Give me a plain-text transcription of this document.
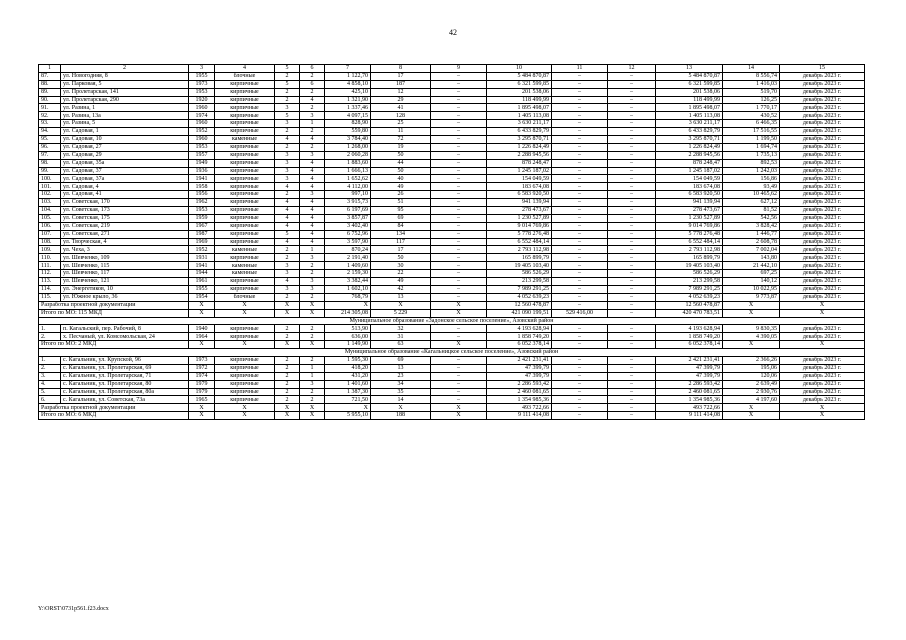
42
1	2	3	4	5	6	7	8	9	10	11	12	13	14	15
87.	ул. Новогодняя, 8	1955	блочные	2	2	1 122,70	17	–	5 484 870,87	–	–	5 484 870,87	8 556,74	декабрь 2023 г.
88.	ул. Парковая, 5	1973	кирпичные	5	6	4 858,10	187	–	6 321 599,85	–	–	6 321 599,85	1 416,03	декабрь 2023 г.
89.	ул. Пролетарская, 141	1953	кирпичные	2	2	425,10	12	–	201 538,06	–	–	201 538,06	519,70	декабрь 2023 г.
90.	ул. Пролетарская, 290	1920	кирпичные	2	4	1 321,90	29	–	118 499,99	–	–	118 499,99	126,25	декабрь 2023 г.
91.	ул. Разина, 1	1960	кирпичные	3	2	1 337,46	41	–	1 895 498,07	–	–	1 895 498,07	1 770,17	декабрь 2023 г.
92.	ул. Разина, 13а	1974	кирпичные	5	3	4 097,15	128	–	1 405 113,08	–	–	1 405 113,08	430,52	декабрь 2023 г.
93.	ул. Разина, 5	1960	кирпичные	3	1	828,90	25	–	3 630 211,17	–	–	3 630 211,17	6 466,35	декабрь 2023 г.
94.	ул. Садовая, 1	1952	кирпичные	2	2	559,80	11	–	6 433 829,79	–	–	6 433 829,79	17 516,55	декабрь 2023 г.
95.	ул. Садовая, 10	1960	каменные	4	4	3 784,40	72	–	3 295 870,71	–	–	3 295 870,71	1 199,50	декабрь 2023 г.
96.	ул. Садовая, 27	1953	кирпичные	2	2	1 268,00	19	–	1 226 824,49	–	–	1 226 824,49	1 694,74	декабрь 2023 г.
97.	ул. Садовая, 29	1957	кирпичные	3	3	2 060,28	50	–	2 288 945,56	–	–	2 288 945,56	1 735,13	декабрь 2023 г.
98.	ул. Садовая, 35а	1949	кирпичные	3	4	1 883,60	44	–	878 248,47	–	–	878 248,47	892,53	декабрь 2023 г.
99.	ул. Садовая, 37	1936	кирпичные	3	4	1 666,13	50	–	1 245 187,02	–	–	1 245 187,02	1 242,03	декабрь 2023 г.
100.	ул. Садовая, 37а	1941	кирпичные	3	4	1 652,62	40	–	154 049,59	–	–	154 049,59	156,86	декабрь 2023 г.
101.	ул. Садовая, 4	1958	кирпичные	4	4	4 112,00	49	–	183 674,08	–	–	183 674,08	93,49	декабрь 2023 г.
102.	ул. Садовая, 41	1956	кирпичные	2	3	997,10	26	–	6 583 920,50	–	–	6 583 920,50	10 465,62	декабрь 2023 г.
103.	ул. Советская, 170	1962	кирпичные	4	4	3 915,73	51	–	941 139,94	–	–	941 139,94	627,12	декабрь 2023 г.
104.	ул. Советская, 173	1953	кирпичные	4	4	6 197,69	95	–	278 473,67	–	–	278 473,67	81,52	декабрь 2023 г.
105.	ул. Советская, 175	1959	кирпичные	4	4	3 857,87	69	–	1 230 527,89	–	–	1 230 527,89	542,56	декабрь 2023 г.
106.	ул. Советская, 219	1967	кирпичные	4	4	3 402,40	84	–	9 014 769,86	–	–	9 014 769,86	3 828,42	декабрь 2023 г.
107.	ул. Советская, 271	1987	кирпичные	5	4	6 752,96	134	–	5 778 276,48	–	–	5 778 276,48	1 446,77	декабрь 2023 г.
108.	ул. Творческая, 4	1969	кирпичные	4	4	3 597,90	117	–	6 552 484,14	–	–	6 552 484,14	2 608,78	декабрь 2023 г.
109.	ул. Чеха, 3	1952	каменные	2	1	870,24	17	–	2 793 112,98	–	–	2 793 112,98	7 002,04	декабрь 2023 г.
110.	ул. Шевченко, 109	1931	кирпичные	2	3	2 191,40	50	–	165 899,79	–	–	165 899,79	143,80	декабрь 2023 г.
111.	ул. Шевченко, 115	1941	каменные	3	2	1 409,60	30	–	19 405 103,40	–	–	19 405 103,40	21 442,10	декабрь 2023 г.
112.	ул. Шевченко, 117	1944	каменные	3	2	2 159,30	22	–	586 526,29	–	–	586 526,29	697,25	декабрь 2023 г.
113.	ул. Шевченко, 121	1961	кирпичные	4	3	3 382,44	49	–	213 299,58	–	–	213 299,58	140,12	декабрь 2023 г.
114.	ул. Энергетиков, 10	1955	кирпичные	3	3	1 602,10	42	–	7 989 291,25	–	–	7 989 291,25	10 022,95	декабрь 2023 г.
115.	ул. Южное крыло, 36	1954	блочные	2	2	768,79	13	–	4 052 639,23	–	–	4 052 639,23	9 773,87	декабрь 2023 г.
Разработка проектной документации		X	X	X	X	X	X	X	12 560 478,87	–	–	12 560 478,87	X	X
Итого по МО: 115 МКД		X	X	X	X	214 305,08	5 229	X	421 090 199,51	529 416,00	–	420 470 783,51	X	X
Муниципальное образование «Задонское сельское поселение», Азовский район														
1.	п. Кагальский, пер. Рабочий, 8	1940	кирпичные	2	2	513,90	32	–	4 193 628,94	–	–	4 193 628,94	9 830,35	декабрь 2023 г.
2.	х. Песчаный, ул. Комсомольская, 24	1964	кирпичные	2	2	636,00	31	–	1 858 749,20	–	–	1 858 749,20	4 390,05	декабрь 2023 г.
Итого по МО: 2 МКД		X	X	X	X	1 149,90	63	X	6 052 378,14	–	–	6 052 378,14	X	X
Муниципальное образование «Кагальницкое сельское поселение», Азовский район														
1.	с. Кагальник, ул. Крупской, 96	1973	кирпичные	2	2	1 595,30	69	–	2 421 231,41	–	–	2 421 231,41	2 366,26	декабрь 2023 г.
2.	с. Кагальник, ул. Пролетарская, 69	1972	кирпичные	2	1	418,20	13	–	47 399,79	–	–	47 399,79	195,06	декабрь 2023 г.
3.	с. Кагальник, ул. Пролетарская, 71	1974	кирпичные	2	1	431,20	23	–	47 399,79	–	–	47 399,79	120,06	декабрь 2023 г.
4.	с. Кагальник, ул. Пролетарская, 80	1979	кирпичные	2	3	1 401,60	34	–	2 286 593,42	–	–	2 286 593,42	2 639,49	декабрь 2023 г.
5.	с. Кагальник, ул. Пролетарская, 80а	1979	кирпичные	2	2	1 387,30	35	–	2 460 081,65	–	–	2 460 081,65	2 930,76	декабрь 2023 г.
6.	с. Кагальник, ул. Советская, 73а	1965	кирпичные	2	2	721,50	14	–	1 354 985,36	–	–	1 354 985,36	4 197,60	декабрь 2023 г.
Разработка проектной документации		X	X	X	X	X	X	X	493 722,66	–	–	493 722,66	X	X
Итого по МО: 6 МКД		X	X	X	X	5 955,10	188	X	9 111 414,08	–	–	9 111 414,08	X	X
Y:\ORST\0731p561.f23.docx
